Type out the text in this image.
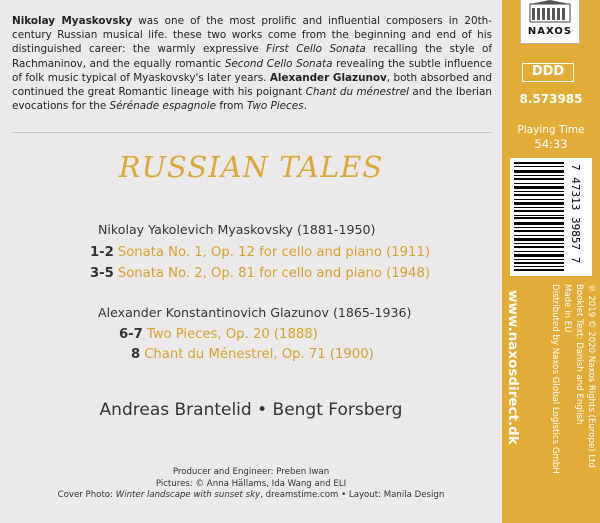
Nikolay Myaskovsky was one of the most prolific and influential composers in 20th-century Russian musical life. these two works come from the beginning and end of his distinguished career: the warmly expressive First Cello Sonata recalling the style of Rachmaninov, and the equally romantic Second Cello Sonata revealing the subtle influence of folk music typical of Myaskovsky's later years. Alexander Glazunov, both absorbed and continued the great Romantic lineage with his poignant Chant du ménestrel and the Iberian evocations for the Sérénade espagnole from Two Pieces.
RUSSIAN TALES
Nikolay Yakolevich Myaskovsky (1881-1950)
1-2 Sonata No. 1, Op. 12 for cello and piano (1911)
3-5 Sonata No. 2, Op. 81 for cello and piano (1948)
Alexander Konstantinovich Glazunov (1865-1936)
6-7 Two Pieces, Op. 20 (1888)
8 Chant du Ménestrel, Op. 71 (1900)
Andreas Brantelid • Bengt Forsberg
Producer and Engineer: Preben Iwan
Pictures: © Anna Hällams, Ida Wang and ELI
Cover Photo: Winter landscape with sunset sky, dreamstime.com • Layout: Manila Design
NAXOS
DDD
8.573985
Playing Time
54:33
7 47313 39857 7
www.naxosdirect.dk	℗ 2019 © 2020 Naxos Rights (Europe) Ltd
Booklet Text: Danish and English
Made in EU
Distributed by Naxos Global Logistics GmbH
